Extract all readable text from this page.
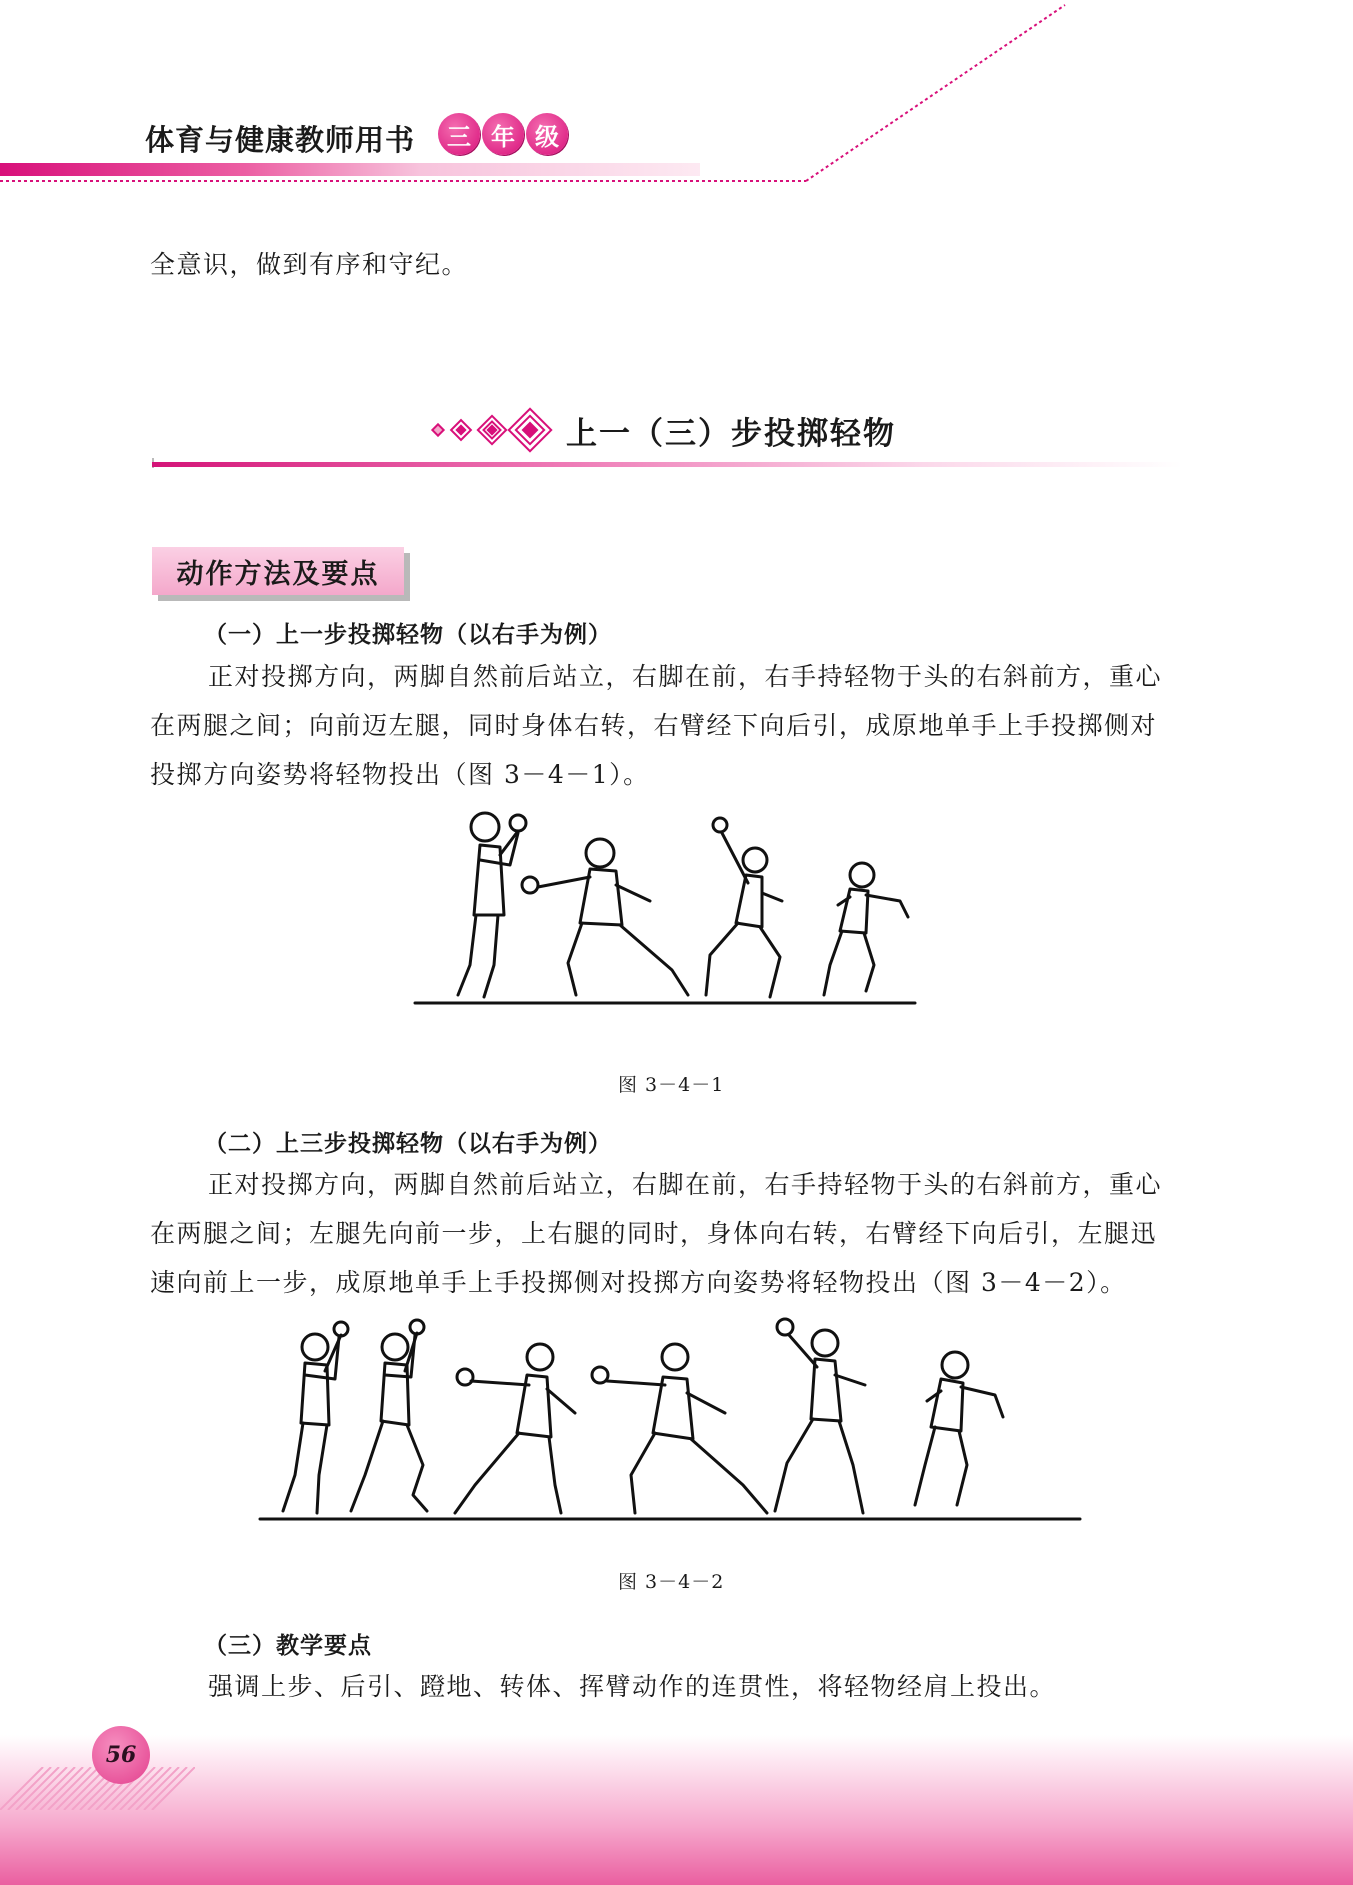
体育与健康教师用书	三 年 级
全意识，做到有序和守纪。
上一（三）步投掷轻物
动作方法及要点
（一）上一步投掷轻物（以右手为例）
正对投掷方向，两脚自然前后站立，右脚在前，右手持轻物于头的右斜前方，重心
在两腿之间；向前迈左腿，同时身体右转，右臂经下向后引，成原地单手上手投掷侧对
投掷方向姿势将轻物投出（图 3－4－1）。
图 3－4－1
（二）上三步投掷轻物（以右手为例）
正对投掷方向，两脚自然前后站立，右脚在前，右手持轻物于头的右斜前方，重心
在两腿之间；左腿先向前一步，上右腿的同时，身体向右转，右臂经下向后引，左腿迅
速向前上一步，成原地单手上手投掷侧对投掷方向姿势将轻物投出（图 3－4－2）。
图 3－4－2
（三）教学要点
强调上步、后引、蹬地、转体、挥臂动作的连贯性，将轻物经肩上投出。
56
